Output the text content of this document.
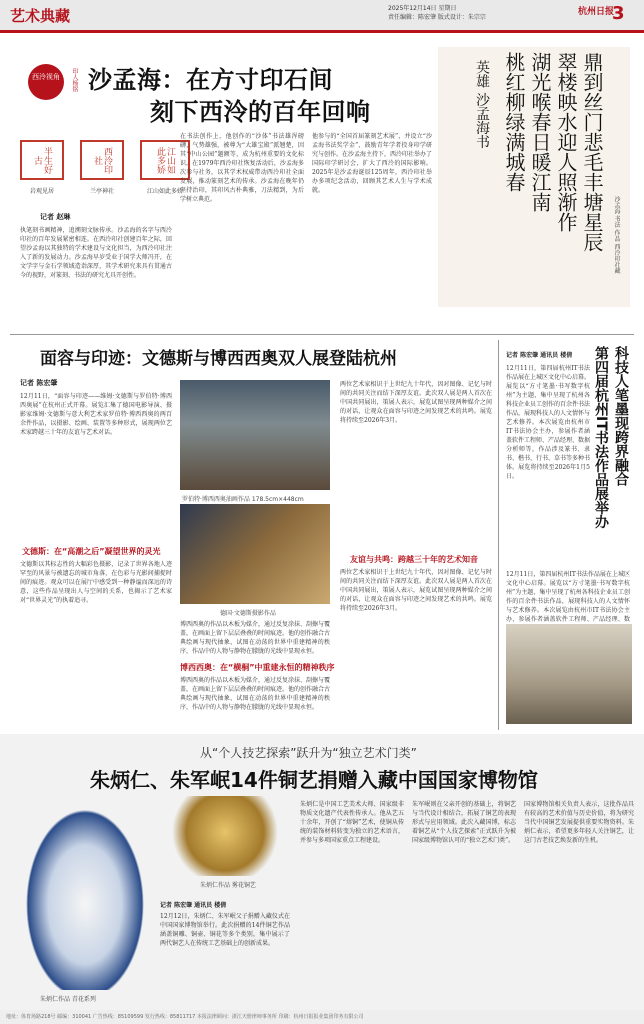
艺术典藏	2025年12月14日 星期日
责任编辑：陈宏肇 版式设计：朱宗宗
杭州日报
3
西泠视角	印人杨铭 沙孟海：在方寸印石间
刻下西泠的百年回响
半生好古	西泠印社	江山如此多娇
岩观见居	兰亭神社	江山如此多娇
记者 赵琳
执笔刻书画精神，追溯刻文脉传承。沙孟海的名字与西泠印社的百年发展紧密相连。在西泠印社创建百年之际，回望沙孟海以其独特的学术建设与文化担当，为西泠印社注入了新的发展动力。沙孟海早岁受业于国学大师冯开，在文学字与金石学领域造诣深厚，其学术研究来具有贯通古今的视野，对篆刻、书法的研究尤具开创性。
在书法创作上，他创作的“沙体”书法雄浑磅礴，气势雄强，被尊为“大雄宝殿”派翘楚，因其“中山公园”题额等，成为杭州重要的文化标识。在1979年西泠印社恢复活动后，沙孟海多次参与社务，以其学术权威带动西泠印社全面发展，推动篆刻艺术的传承。沙孟海在晚年仍坚持治印，其印风古朴典雅，刀法精到，为后学树立典范。
他参与的“全国首届篆刻艺术展”，并设立“沙孟海书法奖学金”，鼓励青年学者投身印学研究与创作。在沙孟海主持下，西泠印社举办了国际印学研讨会，扩大了西泠的国际影响。2025年是沙孟海诞辰125周年，西泠印社举办多项纪念活动，回顾其艺术人生与学术成就。	鼎到丝门悲毛丰塘星辰
翠楼映水迎人照渐作
湖光喉春日暖江南
桃红柳绿满城春
英雄 沙孟海书
沙孟海 书法 作品 西泠印社藏
面容与印迹：文德斯与博西西奥双人展登陆杭州
记者 陈宏肇
12月11日，“面容与印迹——维姆·文德斯与罗伯特·博西西奥展”在杭州正式开幕。展览汇集了德国电影导演、摄影家维姆·文德斯与意大利艺术家罗伯特·博西西奥的两百余件作品，以摄影、绘画、装置等多种形式，展现两位艺术家跨越三十年的友谊与艺术对话。
文德斯：在“高潮之后”凝望世界的灵光
文德斯以其标志性的大幅彩色摄影，记录了世界各地人迹罕至的风景与被遗忘的城市角落，在色彩与光影间捕捉时间的痕迹。观众可以在展厅中感受到一种静谧而深远的诗意，这些作品呈现出人与空间的关系，也揭示了艺术家对“世界灵光”的执着追寻。
罗伯特·博西西奥油画作品 178.5cm×448cm
德国·文德斯摄影作品
博西西奥的作品以木板为媒介，通过反复涂抹、刮擦与覆盖，在画面上留下层层叠叠的时间痕迹。他的创作融合古典绘画与现代抽象，试图在动荡的世界中重建精神的秩序，作品中的人物与静物在朦胧的光线中显现永恒。
博西西奥：在“横桐”中重建永恒的精神秩序
博西西奥的作品以木板为媒介，通过反复涂抹、刮擦与覆盖，在画面上留下层层叠叠的时间痕迹。他的创作融合古典绘画与现代抽象，试图在动荡的世界中重建精神的秩序，作品中的人物与静物在朦胧的光线中显现永恒。
两位艺术家相识于上世纪九十年代，因对图像、记忆与时间的共同关注而结下深厚友谊。此次双人展是两人首次在中国共同展出，策展人表示，展览试图呈现两种媒介之间的对话，让观众在面容与印迹之间发现艺术的共鸣。展览将持续至2026年3月。
友谊与共鸣：跨越三十年的艺术知音
两位艺术家相识于上世纪九十年代，因对图像、记忆与时间的共同关注而结下深厚友谊。此次双人展是两人首次在中国共同展出，策展人表示，展览试图呈现两种媒介之间的对话，让观众在面容与印迹之间发现艺术的共鸣。展览将持续至2026年3月。
科技人笔墨现跨界融合
第四届杭州IT书法作品展举办
记者 陈宏肇 通讯员 楼倩
12月11日，第四届杭州IT书法作品展在上城区文化中心启幕。展览以“方寸笔墨·书写数字杭州”为主题，集中呈现了杭州各科技企业员工创作的百余件书法作品，展现科技人的人文情怀与艺术修养。本次展览由杭州市IT书法协会主办，参展作者涵盖软件工程师、产品经理、数据分析师等，作品涉及篆书、隶书、楷书、行书、草书等多种书体。展览将持续至2026年1月5日。
12月11日，第四届杭州IT书法作品展在上城区文化中心启幕。展览以“方寸笔墨·书写数字杭州”为主题，集中呈现了杭州各科技企业员工创作的百余件书法作品，展现科技人的人文情怀与艺术修养。本次展览由杭州市IT书法协会主办，参展作者涵盖软件工程师、产品经理、数
从“个人技艺探索”跃升为“独立艺术门类”
朱炳仁、朱军岷14件铜艺捐赠入藏中国国家博物馆
朱炳仁作品 雾花铜艺
朱炳仁作品 青花系列
记者 陈宏肇 通讯员 楼倩
12月12日，朱炳仁、朱军岷父子捐赠入藏仪式在中国国家博物馆举行。此次捐赠的14件铜艺作品涵盖铜雕、铜壶、铜花等多个类别，集中展示了两代铜艺人在传统工艺基础上的创新成果。
朱炳仁是中国工艺美术大师、国家级非物质文化遗产代表性传承人。他从艺五十余年，开创了“熔铜”艺术，使铜从传统的装饰材料转变为独立的艺术语言，并参与多项国家重点工程建设。
朱军岷则在父亲开创的基础上，将铜艺与当代设计相结合，拓展了铜艺的表现形式与应用领域。此次入藏国博，标志着铜艺从“个人技艺探索”正式跃升为被国家级博物馆认可的“独立艺术门类”。
国家博物馆相关负责人表示，这批作品具有较高的艺术价值与历史价值，将为研究当代中国铜艺发展提供重要实物资料。朱炳仁表示，希望更多年轻人关注铜艺，让这门古老技艺焕发新的生机。
地址：体育场路218号 邮编：310041 广告热线：85109599 发行热线：85811717 本报法律顾问：浙江天册律师事务所 印刷：杭州日报报业集团印务有限公司
